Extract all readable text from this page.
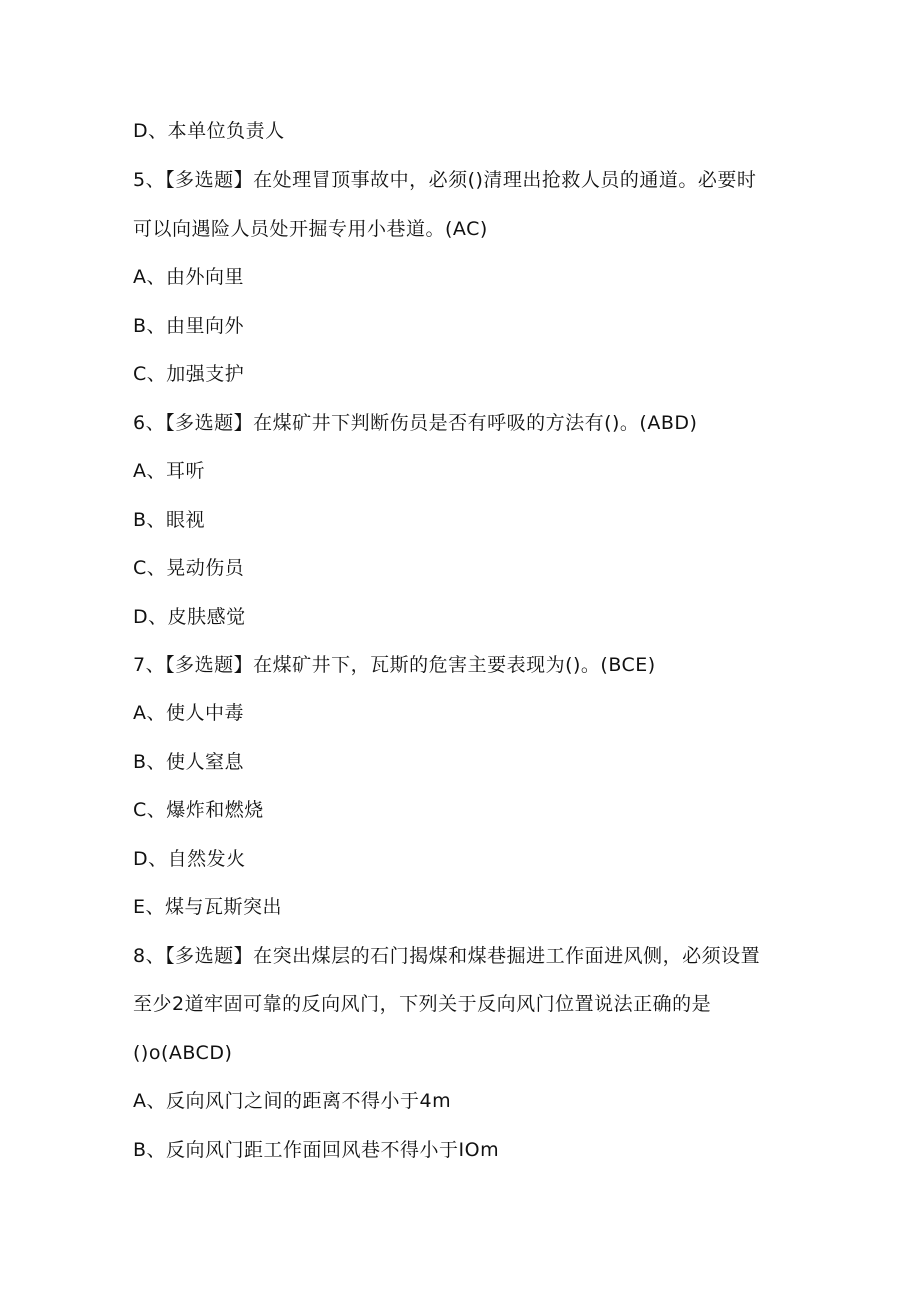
D、本单位负责人
5、【多选题】在处理冒顶事故中，必须()清理出抢救人员的通道。必要时
可以向遇险人员处开掘专用小巷道。(AC)
A、由外向里
B、由里向外
C、加强支护
6、【多选题】在煤矿井下判断伤员是否有呼吸的方法有()。(ABD)
A、耳听
B、眼视
C、晃动伤员
D、皮肤感觉
7、【多选题】在煤矿井下，瓦斯的危害主要表现为()。(BCE)
A、使人中毒
B、使人窒息
C、爆炸和燃烧
D、自然发火
E、煤与瓦斯突出
8、【多选题】在突出煤层的石门揭煤和煤巷掘进工作面进风侧，必须设置
至少2道牢固可靠的反向风门，下列关于反向风门位置说法正确的是
()o(ABCD)
A、反向风门之间的距离不得小于4m
B、反向风门距工作面回风巷不得小于IOm
